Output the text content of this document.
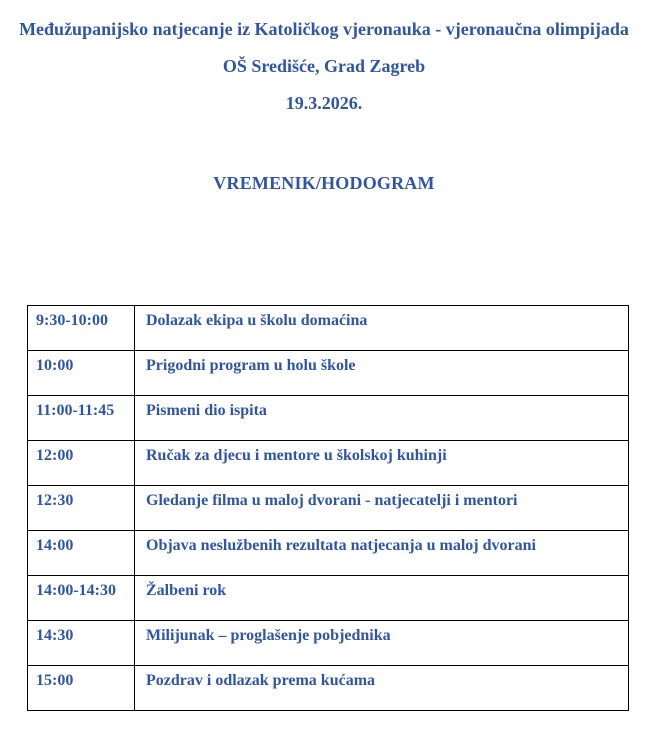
Međužupanijsko natjecanje iz Katoličkog vjeronauka - vjeronaučna olimpijada
OŠ Središće, Grad Zagreb
19.3.2026.
VREMENIK/HODOGRAM
9:30-10:00	Dolazak ekipa u školu domaćina
10:00	Prigodni program u holu škole
11:00-11:45	Pismeni dio ispita
12:00	Ručak za djecu i mentore u školskoj kuhinji
12:30	Gledanje filma u maloj dvorani - natjecatelji i mentori
14:00	Objava neslužbenih rezultata natjecanja u maloj dvorani
14:00-14:30	Žalbeni rok
14:30	Milijunak – proglašenje pobjednika
15:00	Pozdrav i odlazak prema kućama
